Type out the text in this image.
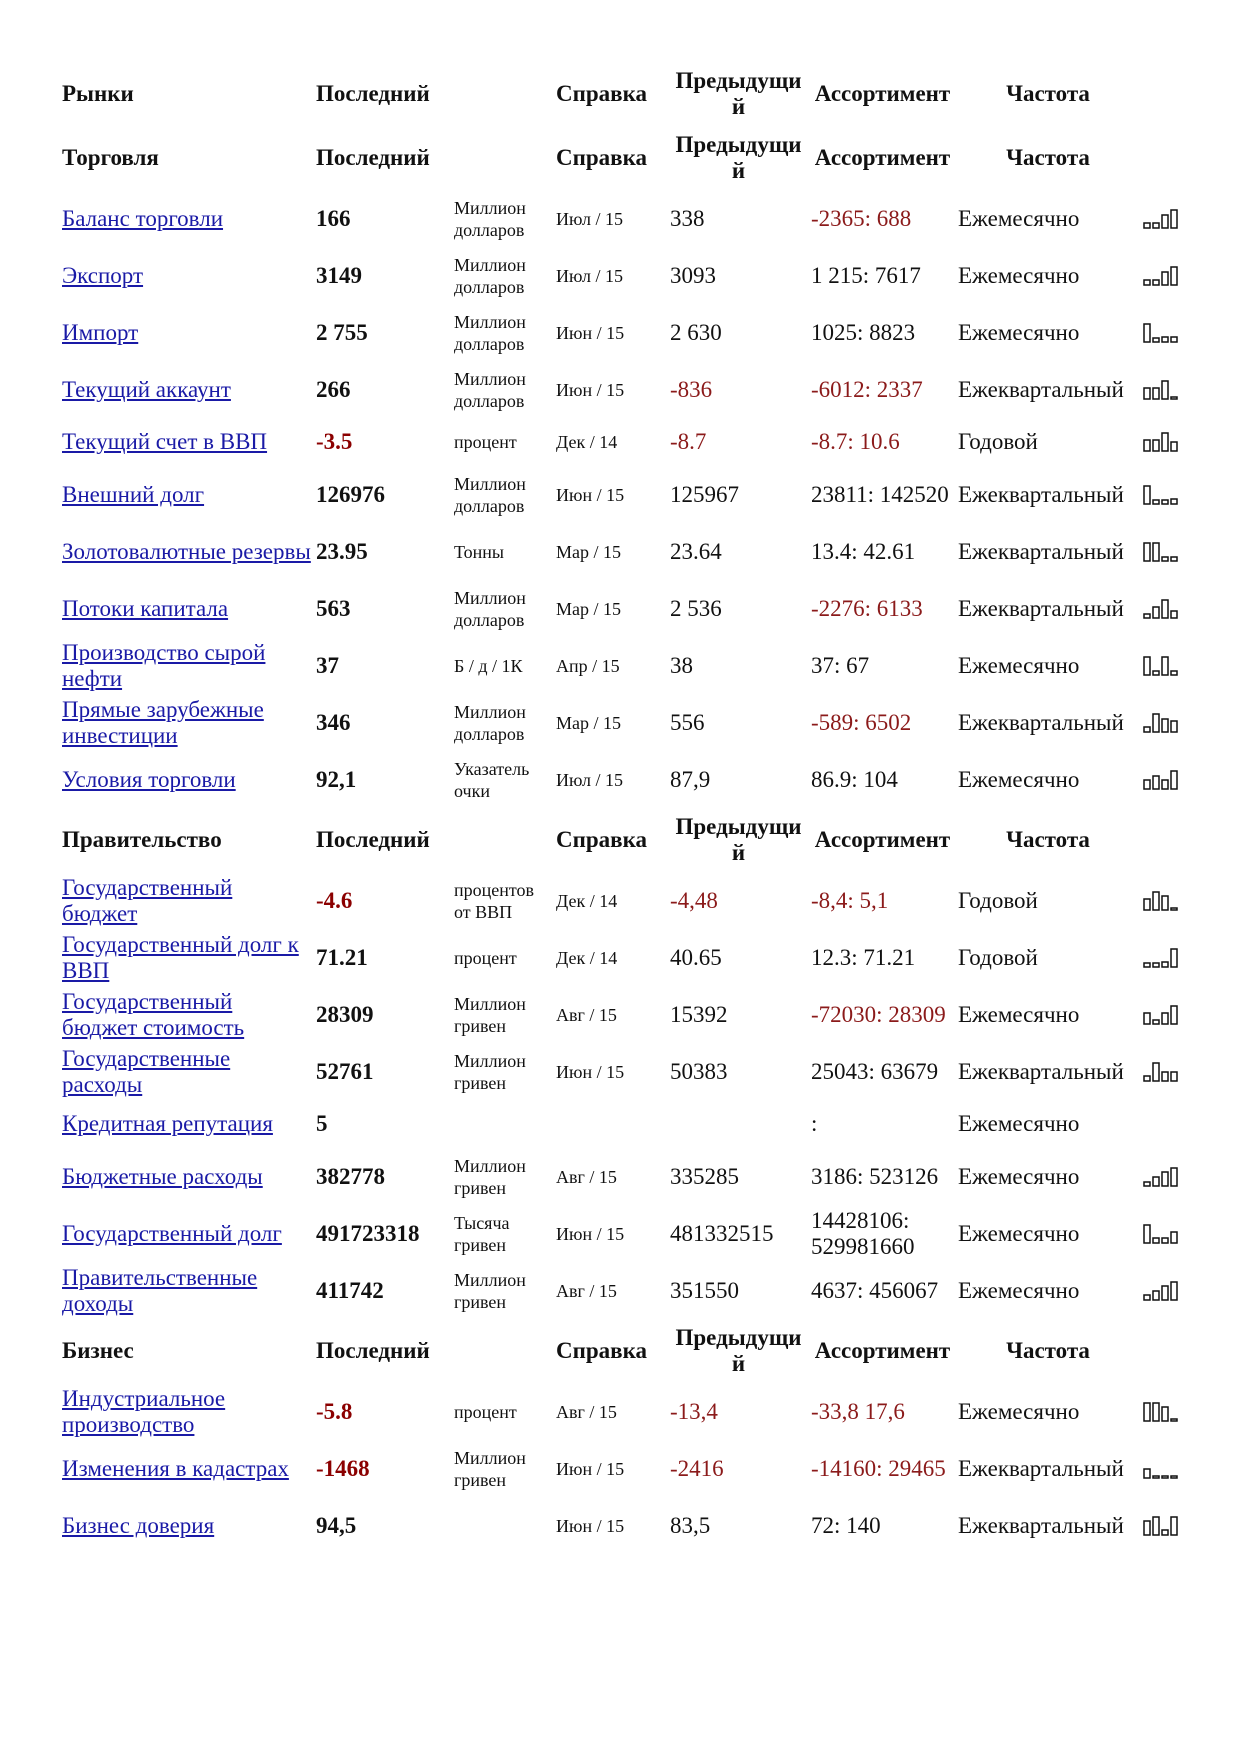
Рынки	Последний		Справка	Предыдущий	Ассортимент	Частота	
Торговля	Последний		Справка	Предыдущий	Ассортимент	Частота	
Баланс торговли	166	Миллион долларов	Июл / 15	338	-2365: 688	Ежемесячно	

Экспорт	3149	Миллион долларов	Июл / 15	3093	1 215: 7617	Ежемесячно	

Импорт	2 755	Миллион долларов	Июн / 15	2 630	1025: 8823	Ежемесячно	

Текущий аккаунт	266	Миллион долларов	Июн / 15	-836	-6012: 2337	Ежеквартальный	

Текущий счет в ВВП	-3.5	процент	Дек / 14	-8.7	-8.7: 10.6	Годовой	

Внешний долг	126976	Миллион долларов	Июн / 15	125967	23811: 142520	Ежеквартальный	

Золотовалютные резервы	23.95	Тонны	Мар / 15	23.64	13.4: 42.61	Ежеквартальный	

Потоки капитала	563	Миллион долларов	Мар / 15	2 536	-2276: 6133	Ежеквартальный	

Производство сырой нефти	37	Б / д / 1К	Апр / 15	38	37: 67	Ежемесячно	

Прямые зарубежные инвестиции	346	Миллион долларов	Мар / 15	556	-589: 6502	Ежеквартальный	

Условия торговли	92,1	Указатель очки	Июл / 15	87,9	86.9: 104	Ежемесячно	

Правительство	Последний		Справка	Предыдущий	Ассортимент	Частота	
Государственный бюджет	-4.6	процентов от ВВП	Дек / 14	-4,48	-8,4: 5,1	Годовой	

Государственный долг к ВВП	71.21	процент	Дек / 14	40.65	12.3: 71.21	Годовой	

Государственный бюджет стоимость	28309	Миллион гривен	Авг / 15	15392	-72030: 28309	Ежемесячно	

Государственные расходы	52761	Миллион гривен	Июн / 15	50383	25043: 63679	Ежеквартальный	

Кредитная репутация	5				:	Ежемесячно	
Бюджетные расходы	382778	Миллион гривен	Авг / 15	335285	3186: 523126	Ежемесячно	

Государственный долг	491723318	Тысяча гривен	Июн / 15	481332515	14428106: 529981660	Ежемесячно	

Правительственные доходы	411742	Миллион гривен	Авг / 15	351550	4637: 456067	Ежемесячно	

Бизнес	Последний		Справка	Предыдущий	Ассортимент	Частота	
Индустриальное производство	-5.8	процент	Авг / 15	-13,4	-33,8 17,6	Ежемесячно	

Изменения в кадастрах	-1468	Миллион гривен	Июн / 15	-2416	-14160: 29465	Ежеквартальный	

Бизнес доверия	94,5		Июн / 15	83,5	72: 140	Ежеквартальный	
